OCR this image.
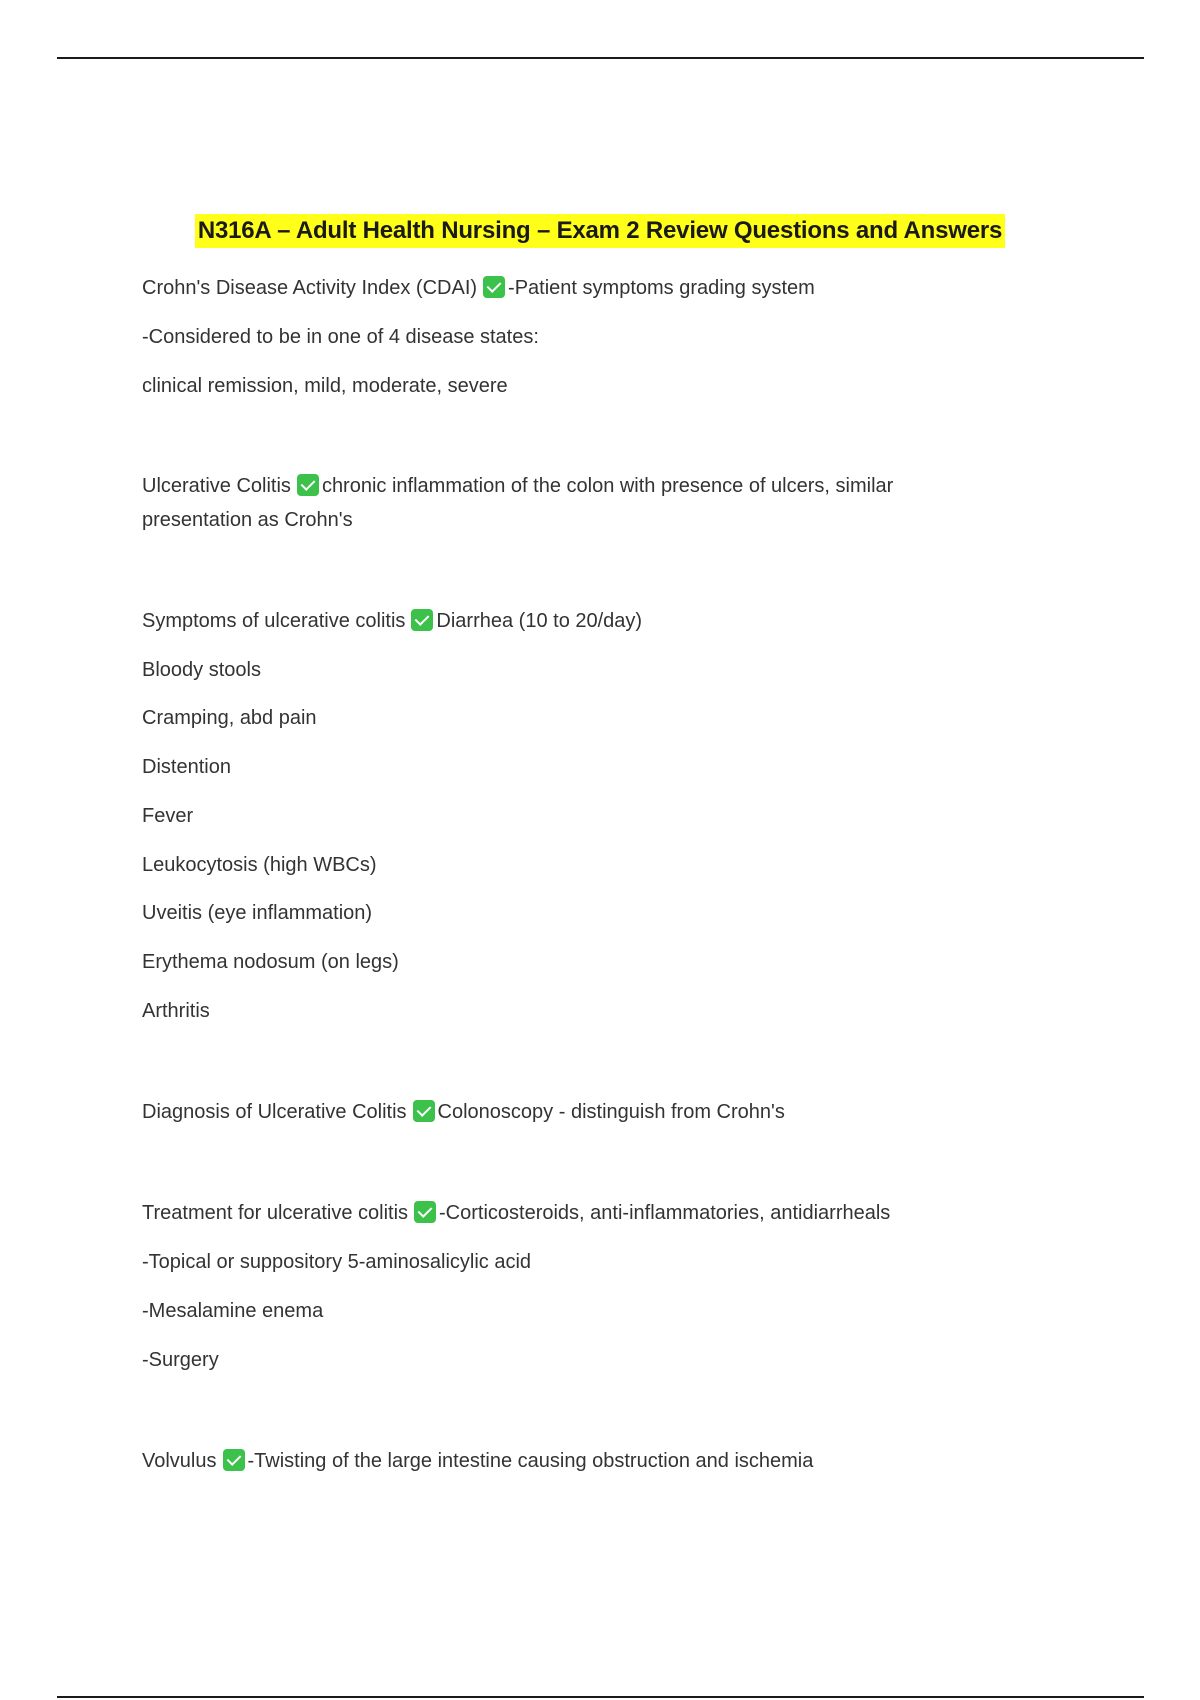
N316A – Adult Health Nursing – Exam 2 Review Questions and Answers
Crohn's Disease Activity Index (CDAI) -Patient symptoms grading system
-Considered to be in one of 4 disease states:
clinical remission, mild, moderate, severe
Ulcerative Colitis chronic inflammation of the colon with presence of ulcers, similar presentation as Crohn's
Symptoms of ulcerative colitis Diarrhea (10 to 20/day)
Bloody stools
Cramping, abd pain
Distention
Fever
Leukocytosis (high WBCs)
Uveitis (eye inflammation)
Erythema nodosum (on legs)
Arthritis
Diagnosis of Ulcerative Colitis Colonoscopy - distinguish from Crohn's
Treatment for ulcerative colitis -Corticosteroids, anti-inflammatories, antidiarrheals
-Topical or suppository 5-aminosalicylic acid
-Mesalamine enema
-Surgery
Volvulus -Twisting of the large intestine causing obstruction and ischemia
